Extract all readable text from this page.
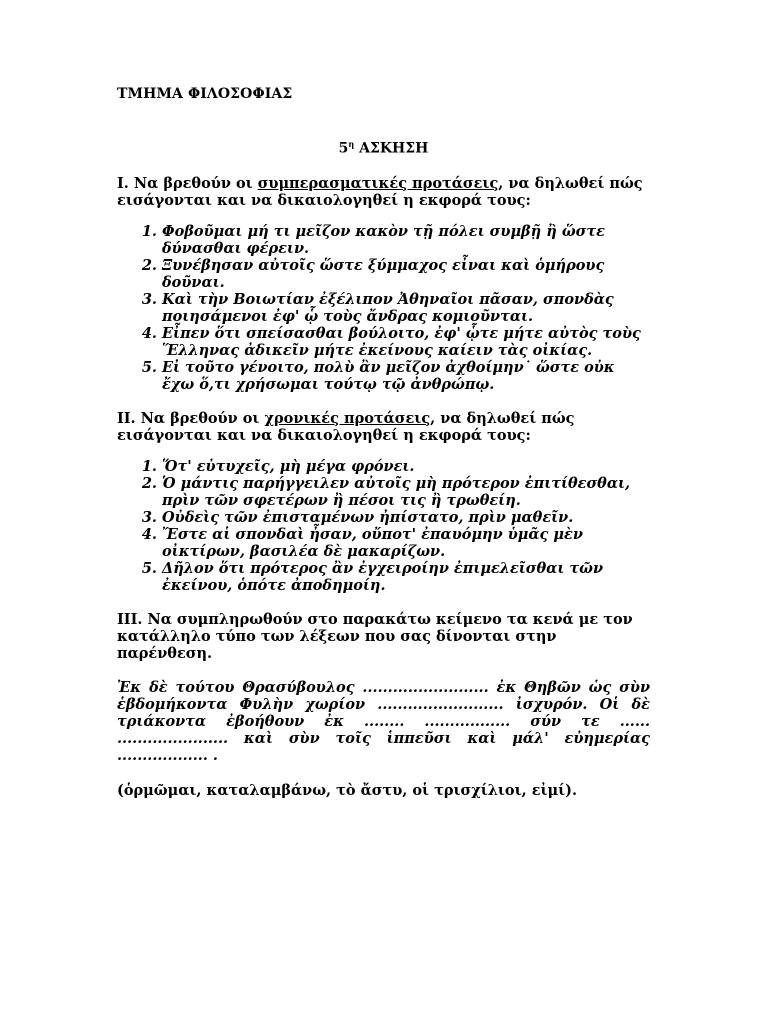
ΤΜΗΜΑ ΦΙΛΟΣΟΦΙΑΣ

$5^\eta$ ΑΣΚΗΣΗ

Ι. Να βρεθούν οι συμπερασματικές προτάσεις, να δηλωθεί πώς εισάγονται και να δικαιολογηθεί η εκφορά τους:

1. Φοβοῦμαι μή τι μεῖζον κακὸν τῇ πόλει συμβῇ ἢ ὥστε δύνασθαι φέρειν.
2. Ξυνέβησαν αὐτοῖς ὥστε ξύμμαχος εἶναι καὶ ὁμήρους δοῦναι.
3. Καὶ τὴν Βοιωτίαν ἐξέλιπον Ἀθηναῖοι πᾶσαν, σπονδὰς ποιησάμενοι ἐφ' ᾧ τοὺς ἄνδρας κομιοῦνται.
4. Εἶπεν ὅτι σπείσασθαι βούλοιτο, ἐφ' ᾧτε μήτε αὐτὸς τοὺς Ἕλληνας ἀδικεῖν μήτε ἐκείνους καίειν τὰς οἰκίας.
5. Εἰ τοῦτο γένοιτο, πολὺ ἂν μεῖζον ἀχθοίμην˙ ὥστε οὐκ ἔχω ὅ,τι χρήσωμαι τούτῳ τῷ ἀνθρώπῳ.

ΙΙ. Να βρεθούν οι χρονικές προτάσεις, να δηλωθεί πώς εισάγονται και να δικαιολογηθεί η εκφορά τους:

1. Ὅτ' εὐτυχεῖς, μὴ μέγα φρόνει.
2. Ὁ μάντις παρήγγειλεν αὐτοῖς μὴ πρότερον ἐπιτίθεσθαι, πρὶν τῶν σφετέρων ἢ πέσοι τις ἢ τρωθείη.
3. Οὐδεὶς τῶν ἐπισταμένων ἠπίστατο, πρὶν μαθεῖν.
4. Ἔστε αἱ σπονδαὶ ἦσαν, οὔποτ' ἐπαυόμην ὑμᾶς μὲν οἰκτίρων, βασιλέα δὲ μακαρίζων.
5. Δῆλον ὅτι πρότερος ἂν ἐγχειροίην ἐπιμελεῖσθαι τῶν ἐκείνου, ὁπότε ἀποδημοίη.

ΙΙΙ. Να συμπληρωθούν στο παρακάτω κείμενο τα κενά με τον κατάλληλο τύπο των λέξεων που σας δίνονται στην παρένθεση.

Ἐκ δὲ τούτου Θρασύβουλος ......................... ἐκ Θηβῶν ὡς σὺν ἑβδομήκοντα Φυλὴν χωρίον ......................... ἰσχυρόν. Οἱ δὲ τριάκοντα ἐβοήθουν ἐκ ........ ................. σύν τε ...... ...................... καὶ σὺν τοῖς ἱππεῦσι καὶ μάλ' εὐημερίας .................. .

(ὁρμῶμαι, καταλαμβάνω, τὸ ἄστυ, οἱ τρισχίλιοι, εἰμί).
